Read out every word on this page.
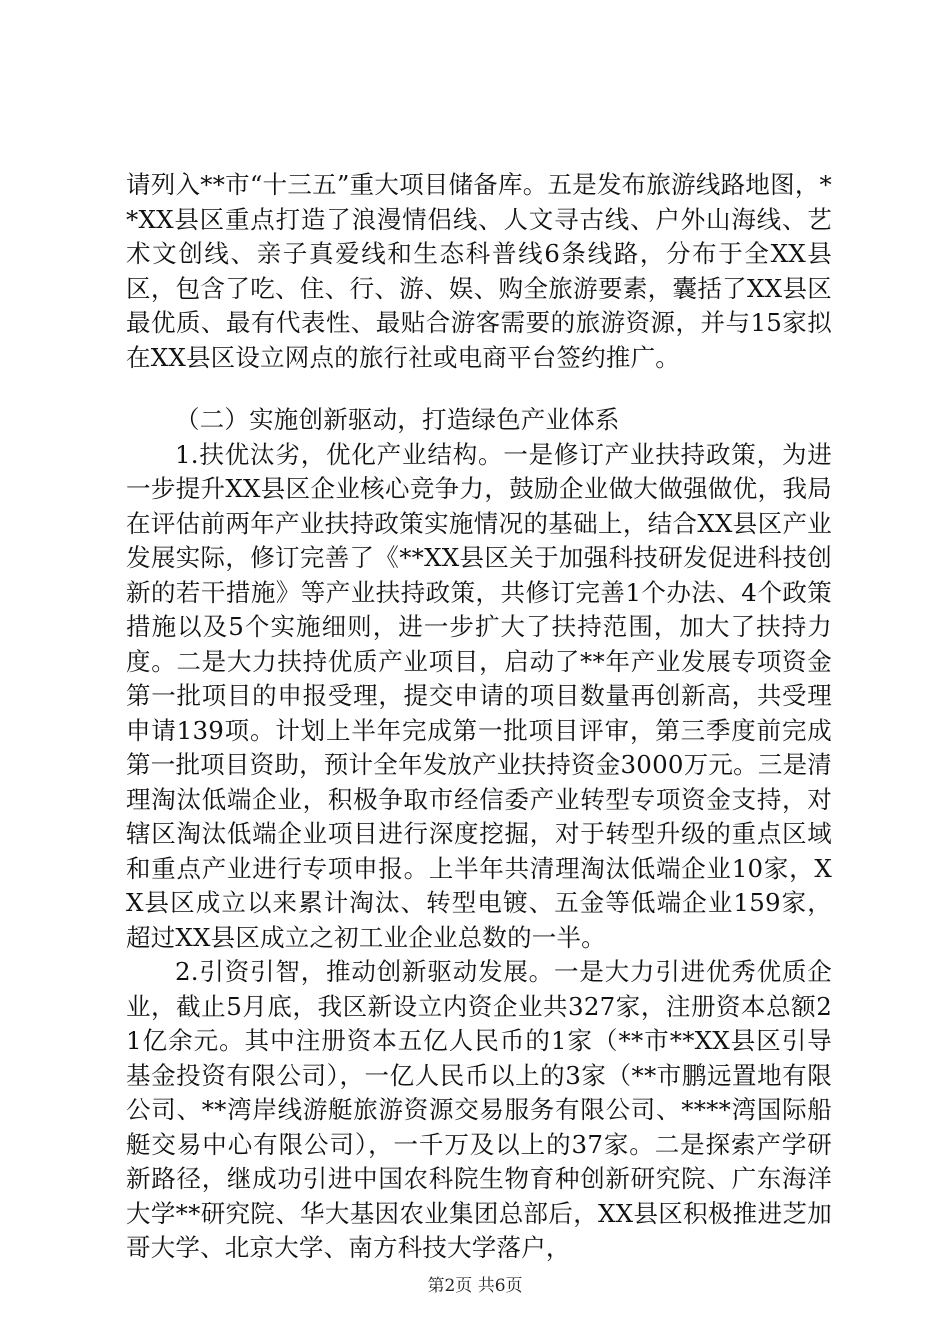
请列入**市“十三五”重大项目储备库。五是发布旅游线路地图，**XX县区重点打造了浪漫情侣线、人文寻古线、户外山海线、艺术文创线、亲子真爱线和生态科普线6条线路，分布于全XX县区，包含了吃、住、行、游、娱、购全旅游要素，囊括了XX县区最优质、最有代表性、最贴合游客需要的旅游资源，并与15家拟在XX县区设立网点的旅行社或电商平台签约推广。

（二）实施创新驱动，打造绿色产业体系

1.扶优汰劣，优化产业结构。一是修订产业扶持政策，为进一步提升XX县区企业核心竞争力，鼓励企业做大做强做优，我局在评估前两年产业扶持政策实施情况的基础上，结合XX县区产业发展实际，修订完善了《**XX县区关于加强科技研发促进科技创新的若干措施》等产业扶持政策，共修订完善1个办法、4个政策措施以及5个实施细则，进一步扩大了扶持范围，加大了扶持力度。二是大力扶持优质产业项目，启动了**年产业发展专项资金第一批项目的申报受理，提交申请的项目数量再创新高，共受理申请139项。计划上半年完成第一批项目评审，第三季度前完成第一批项目资助，预计全年发放产业扶持资金3000万元。三是清理淘汰低端企业，积极争取市经信委产业转型专项资金支持，对辖区淘汰低端企业项目进行深度挖掘，对于转型升级的重点区域和重点产业进行专项申报。上半年共清理淘汰低端企业10家，XX县区成立以来累计淘汰、转型电镀、五金等低端企业159家，超过XX县区成立之初工业企业总数的一半。

2.引资引智，推动创新驱动发展。一是大力引进优秀优质企业，截止5月底，我区新设立内资企业共327家，注册资本总额21亿余元。其中注册资本五亿人民币的1家（**市**XX县区引导基金投资有限公司），一亿人民币以上的3家（**市鹏远置地有限公司、**湾岸线游艇旅游资源交易服务有限公司、****湾国际船艇交易中心有限公司），一千万及以上的37家。二是探索产学研新路径，继成功引进中国农科院生物育种创新研究院、广东海洋大学**研究院、华大基因农业集团总部后，XX县区积极推进芝加哥大学、北京大学、南方科技大学落户，

第2页 共6页
